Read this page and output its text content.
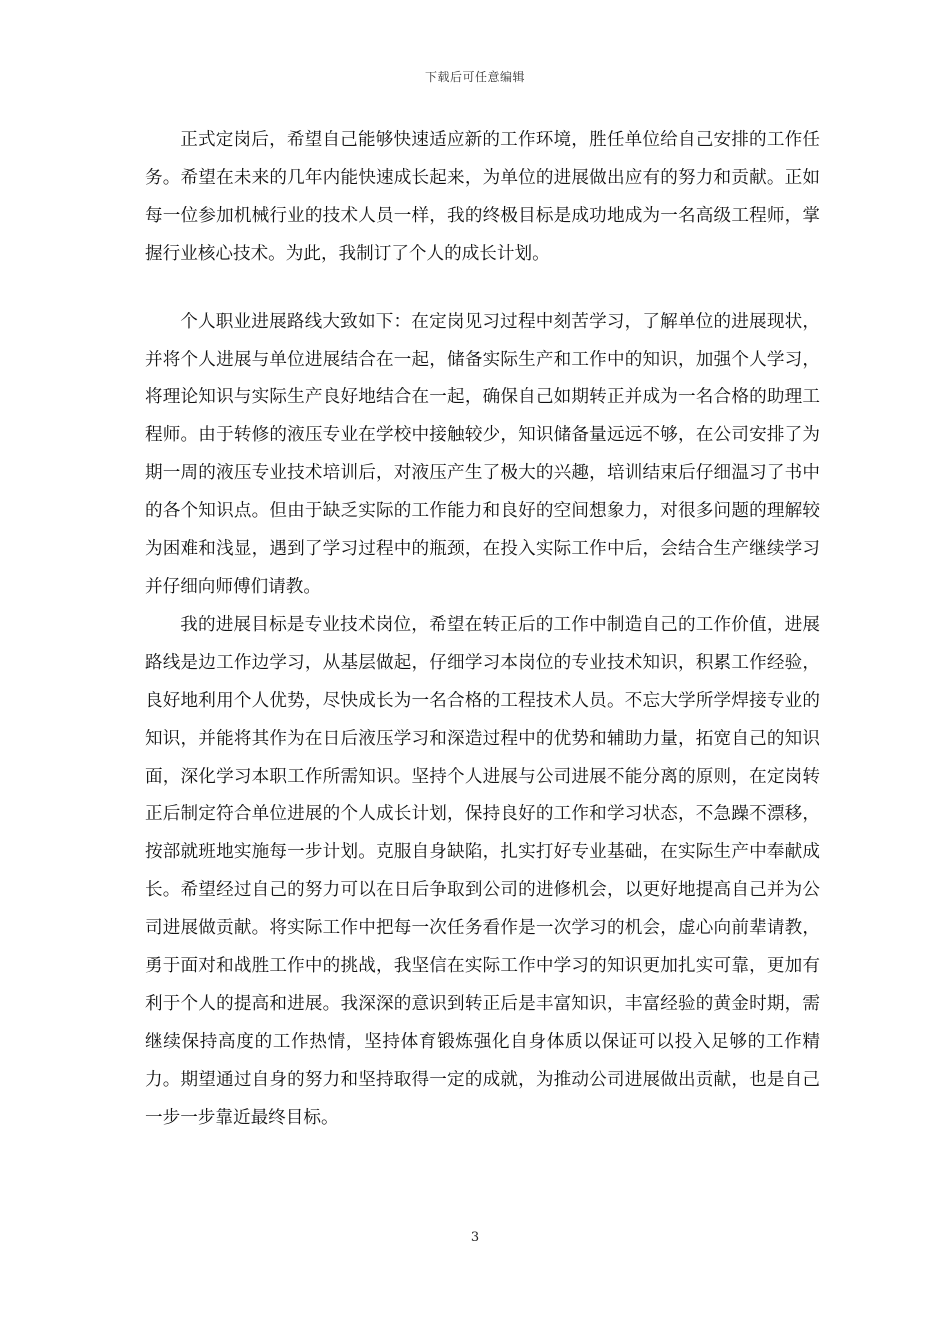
下载后可任意编辑

正式定岗后，希望自己能够快速适应新的工作环境，胜任单位给自己安排的工作任务。希望在未来的几年内能快速成长起来，为单位的进展做出应有的努力和贡献。正如每一位参加机械行业的技术人员一样，我的终极目标是成功地成为一名高级工程师，掌握行业核心技术。为此，我制订了个人的成长计划。

个人职业进展路线大致如下：在定岗见习过程中刻苦学习，了解单位的进展现状，并将个人进展与单位进展结合在一起，储备实际生产和工作中的知识，加强个人学习，将理论知识与实际生产良好地结合在一起，确保自己如期转正并成为一名合格的助理工程师。由于转修的液压专业在学校中接触较少，知识储备量远远不够，在公司安排了为期一周的液压专业技术培训后，对液压产生了极大的兴趣，培训结束后仔细温习了书中的各个知识点。但由于缺乏实际的工作能力和良好的空间想象力，对很多问题的理解较为困难和浅显，遇到了学习过程中的瓶颈，在投入实际工作中后，会结合生产继续学习并仔细向师傅们请教。

我的进展目标是专业技术岗位，希望在转正后的工作中制造自己的工作价值，进展路线是边工作边学习，从基层做起，仔细学习本岗位的专业技术知识，积累工作经验，良好地利用个人优势，尽快成长为一名合格的工程技术人员。不忘大学所学焊接专业的知识，并能将其作为在日后液压学习和深造过程中的优势和辅助力量，拓宽自己的知识面，深化学习本职工作所需知识。坚持个人进展与公司进展不能分离的原则，在定岗转正后制定符合单位进展的个人成长计划，保持良好的工作和学习状态，不急躁不漂移，按部就班地实施每一步计划。克服自身缺陷，扎实打好专业基础，在实际生产中奉献成长。希望经过自己的努力可以在日后争取到公司的进修机会，以更好地提高自己并为公司进展做贡献。将实际工作中把每一次任务看作是一次学习的机会，虚心向前辈请教，勇于面对和战胜工作中的挑战，我坚信在实际工作中学习的知识更加扎实可靠，更加有利于个人的提高和进展。我深深的意识到转正后是丰富知识，丰富经验的黄金时期，需继续保持高度的工作热情，坚持体育锻炼强化自身体质以保证可以投入足够的工作精力。期望通过自身的努力和坚持取得一定的成就，为推动公司进展做出贡献，也是自己一步一步靠近最终目标。

3
